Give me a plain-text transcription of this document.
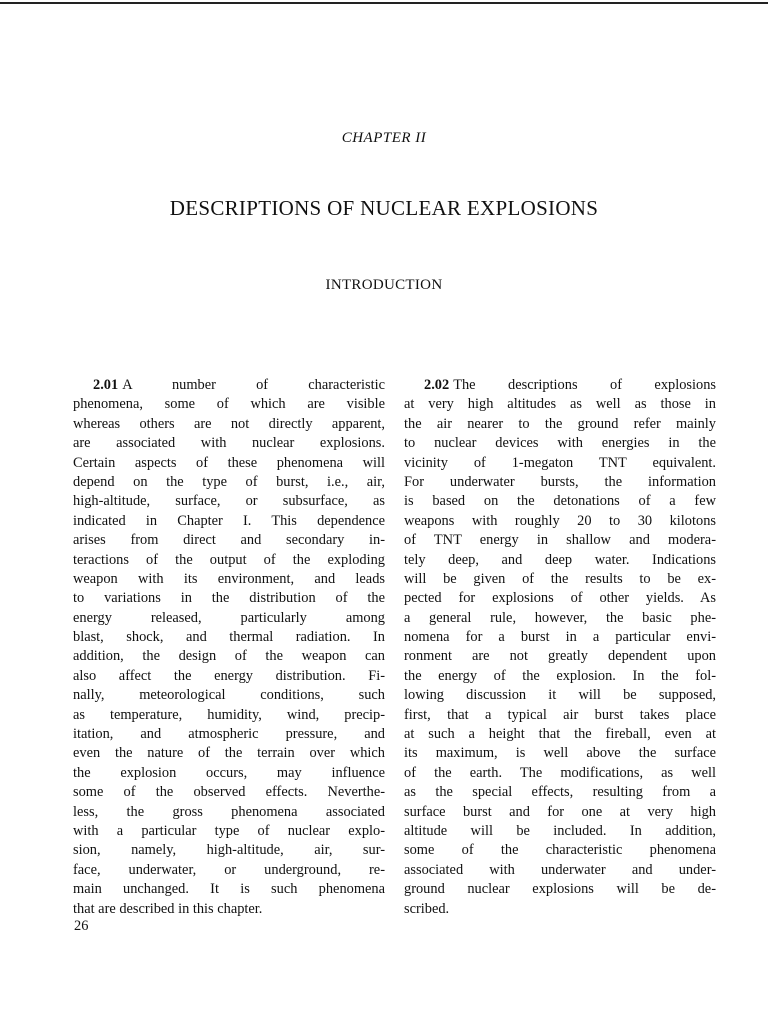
CHAPTER II
DESCRIPTIONS OF NUCLEAR EXPLOSIONS
INTRODUCTION
2.01 A number of characteristic
phenomena, some of which are visible
whereas others are not directly apparent,
are associated with nuclear explosions.
Certain aspects of these phenomena will
depend on the type of burst, i.e., air,
high-altitude, surface, or subsurface, as
indicated in Chapter I. This dependence
arises from direct and secondary in-
teractions of the output of the exploding
weapon with its environment, and leads
to variations in the distribution of the
energy released, particularly among
blast, shock, and thermal radiation. In
addition, the design of the weapon can
also affect the energy distribution. Fi-
nally, meteorological conditions, such
as temperature, humidity, wind, precip-
itation, and atmospheric pressure, and
even the nature of the terrain over which
the explosion occurs, may influence
some of the observed effects. Neverthe-
less, the gross phenomena associated
with a particular type of nuclear explo-
sion, namely, high-altitude, air, sur-
face, underwater, or underground, re-
main unchanged. It is such phenomena
that are described in this chapter.
2.02 The descriptions of explosions
at very high altitudes as well as those in
the air nearer to the ground refer mainly
to nuclear devices with energies in the
vicinity of 1-megaton TNT equivalent.
For underwater bursts, the information
is based on the detonations of a few
weapons with roughly 20 to 30 kilotons
of TNT energy in shallow and modera-
tely deep, and deep water. Indications
will be given of the results to be ex-
pected for explosions of other yields. As
a general rule, however, the basic phe-
nomena for a burst in a particular envi-
ronment are not greatly dependent upon
the energy of the explosion. In the fol-
lowing discussion it will be supposed,
first, that a typical air burst takes place
at such a height that the fireball, even at
its maximum, is well above the surface
of the earth. The modifications, as well
as the special effects, resulting from a
surface burst and for one at very high
altitude will be included. In addition,
some of the characteristic phenomena
associated with underwater and under-
ground nuclear explosions will be de-
scribed.
26
